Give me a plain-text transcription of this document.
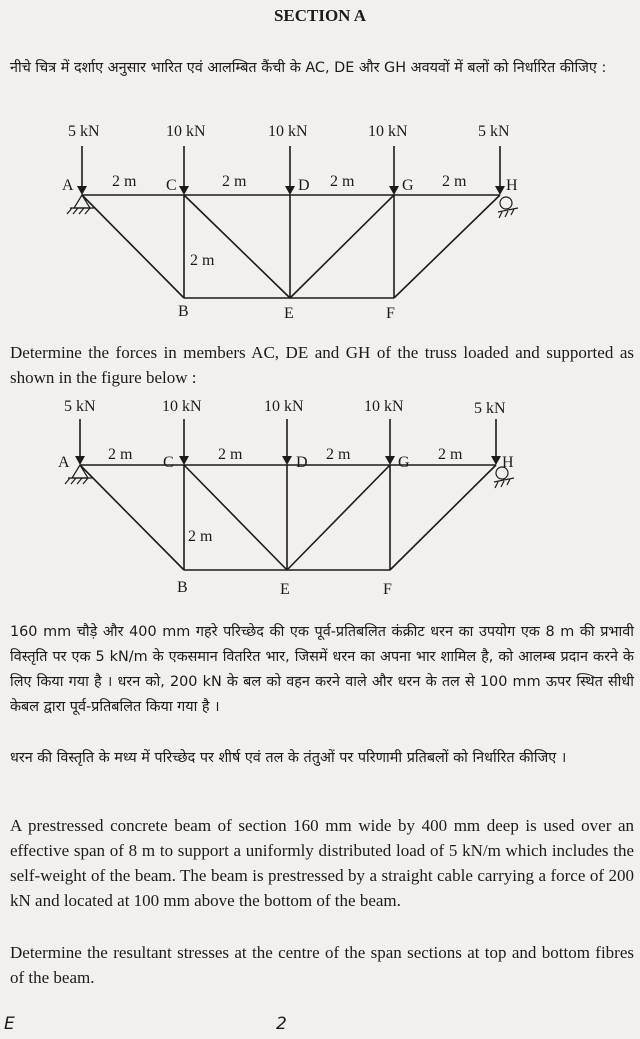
SECTION A

नीचे चित्र में दर्शाए अनुसार भारित एवं आलम्बित कैंची के AC, DE और GH अवयवों में बलों को निर्धारित कीजिए :

5 kN	10 kN	10 kN	10 kN	5 kN
A	C	D	G	H
2 m	2 m	2 m	2 m
2 m
B	E	F

Determine the forces in members AC, DE and GH of the truss loaded and supported as shown in the figure below :

5 kN	10 kN	10 kN	10 kN	5 kN
A	C	D	G	H
2 m	2 m	2 m	2 m
2 m
B	E	F

160 mm चौड़े और 400 mm गहरे परिच्छेद की एक पूर्व-प्रतिबलित कंक्रीट धरन का उपयोग एक 8 m की प्रभावी विस्तृति पर एक 5 kN/m के एकसमान वितरित भार, जिसमें धरन का अपना भार शामिल है, को आलम्ब प्रदान करने के लिए किया गया है । धरन को, 200 kN के बल को वहन करने वाले और धरन के तल से 100 mm ऊपर स्थित सीधी केबल द्वारा पूर्व-प्रतिबलित किया गया है ।

धरन की विस्तृति के मध्य में परिच्छेद पर शीर्ष एवं तल के तंतुओं पर परिणामी प्रतिबलों को निर्धारित कीजिए ।

A prestressed concrete beam of section 160 mm wide by 400 mm deep is used over an effective span of 8 m to support a uniformly distributed load of 5 kN/m which includes the self-weight of the beam. The beam is prestressed by a straight cable carrying a force of 200 kN and located at 100 mm above the bottom of the beam.

Determine the resultant stresses at the centre of the span sections at top and bottom fibres of the beam.

E	2
